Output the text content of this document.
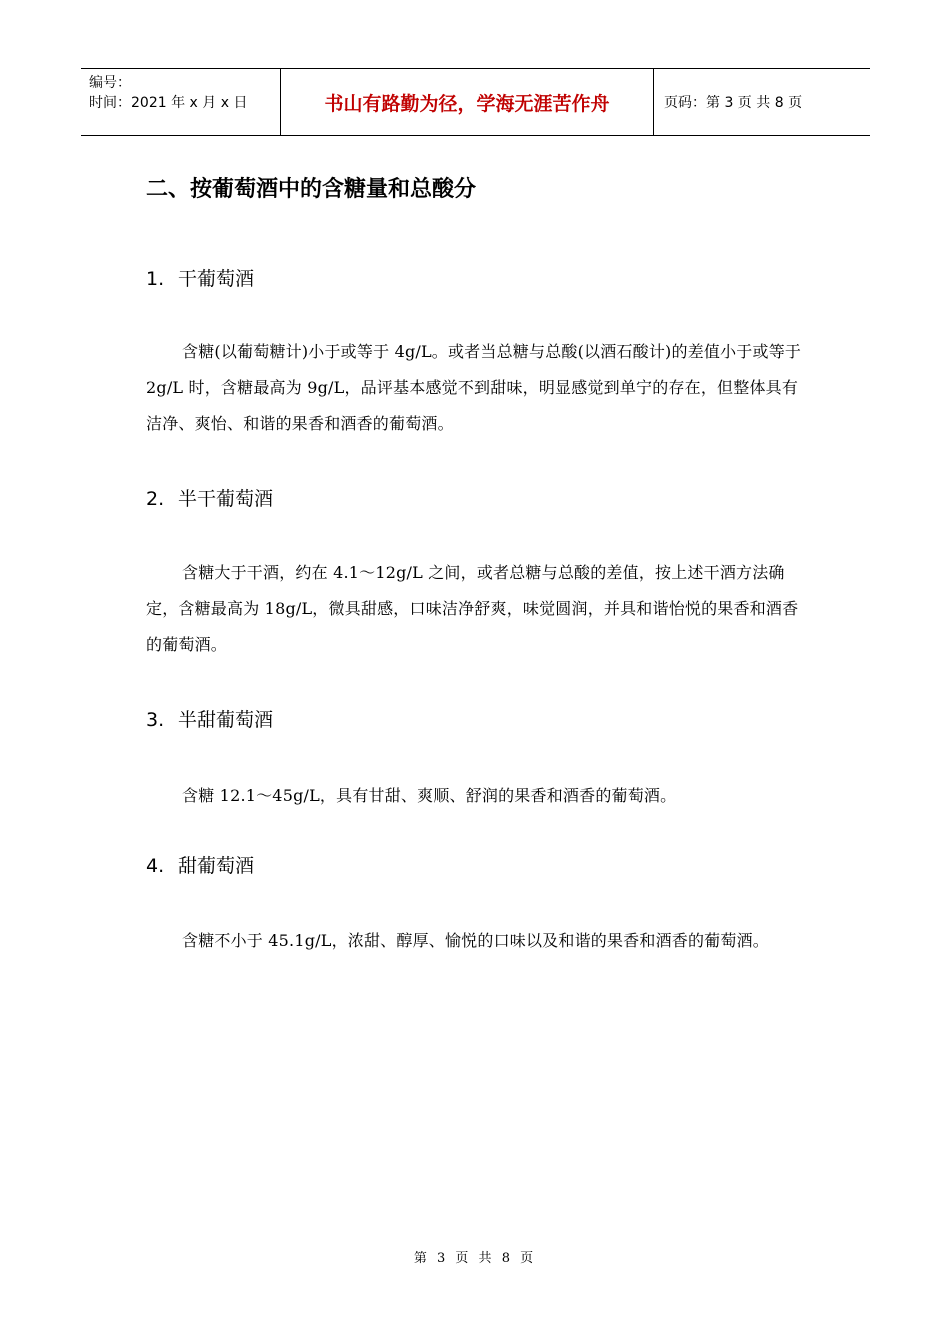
编号：
时间：2021 年 x 月 x 日	书山有路勤为径，学海无涯苦作舟	页码：第 3 页 共 8 页
二、按葡萄酒中的含糖量和总酸分
1. 干葡萄酒
含糖(以葡萄糖计)小于或等于 4g/L。或者当总糖与总酸(以酒石酸计)的差值小于或等于 2g/L 时，含糖最高为 9g/L，品评基本感觉不到甜味，明显感觉到单宁的存在，但整体具有洁净、爽怡、和谐的果香和酒香的葡萄酒。
2. 半干葡萄酒
含糖大于干酒，约在 4.1～12g/L 之间，或者总糖与总酸的差值，按上述干酒方法确定，含糖最高为 18g/L，微具甜感，口味洁净舒爽，味觉圆润，并具和谐怡悦的果香和酒香的葡萄酒。
3. 半甜葡萄酒
含糖 12.1～45g/L，具有甘甜、爽顺、舒润的果香和酒香的葡萄酒。
4. 甜葡萄酒
含糖不小于 45.1g/L，浓甜、醇厚、愉悦的口味以及和谐的果香和酒香的葡萄酒。
第 3 页 共 8 页
